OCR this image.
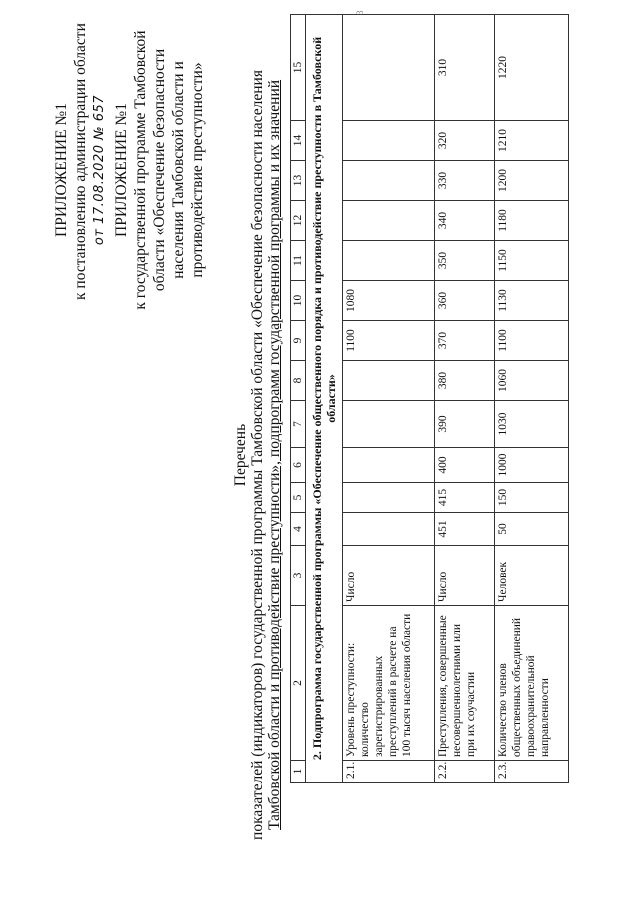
ПРИЛОЖЕНИЕ №1 к постановлению администрации области от 17.08.2020 № 657 ПРИЛОЖЕНИЕ №1 к государственной программе Тамбовской области «Обеспечение безопасности населения Тамбовской области и противодействие преступности»
Перечень показателей (индикаторов) государственной программы Тамбовской области «Обеспечение безопасности населения Тамбовской области и противодействие преступности», подпрограмм государственной программы и их значений 1	2	3	4	5	6	7	8	9	10	11	12	13	14	15
2. Подпрограмма государственной программы «Обеспечение общественного порядка и противодействие преступности в Тамбовской области»														
2.1.	Уровень преступности: количество зарегистрированных преступлений в расчете на 100 тысяч населения области	Число						1100	1080					
2.2.	Преступления, совершенные несовершеннолетними или при их соучастии	Число	451	415	400	390	380	370	360	350	340	330	320	310
2.3.	Количество членов общественных объединений правоохранительной направленности	Человек	50	150	1000	1030	1060	1100	1130	1150	1180	1200	1210	1220
3
